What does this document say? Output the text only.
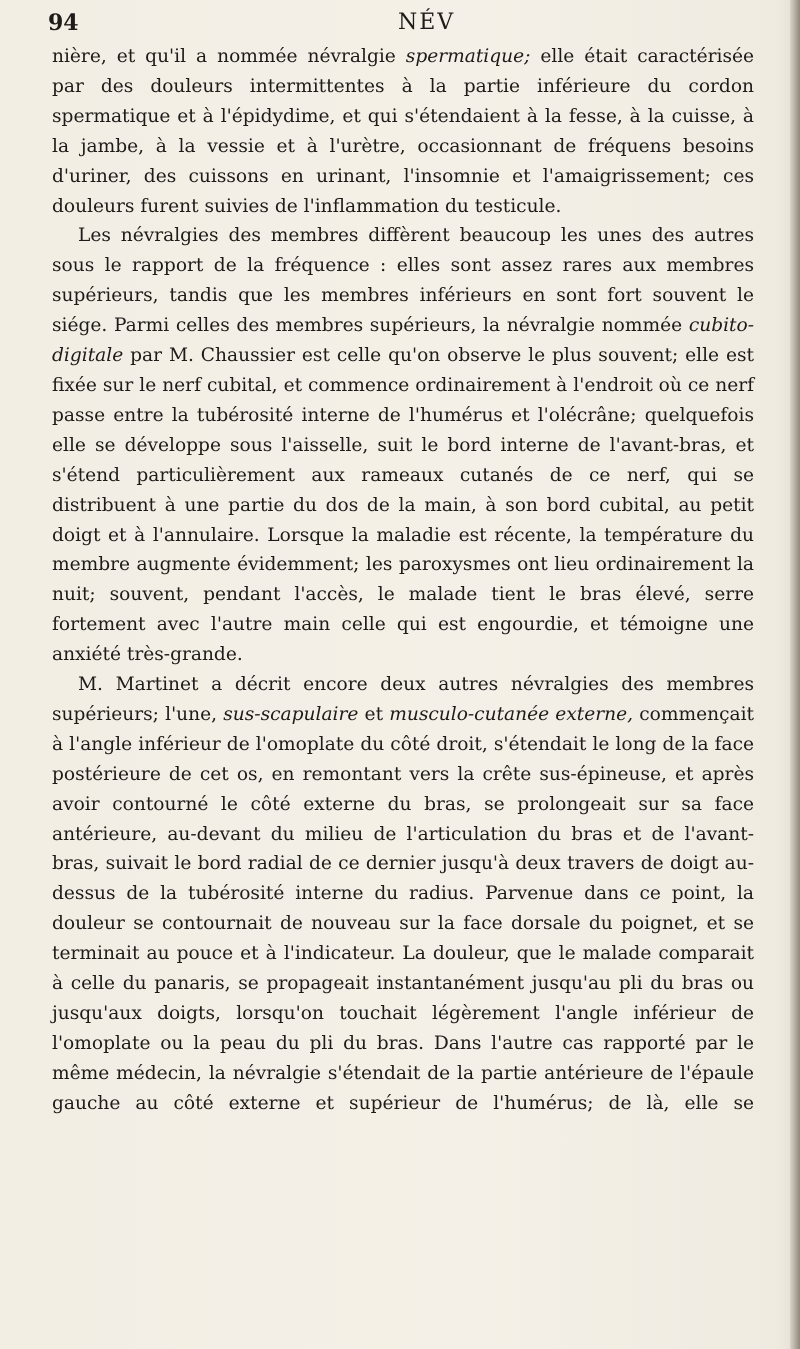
94	NÉV

nière, et qu'il a nommée névralgie spermatique; elle était caractérisée par des douleurs intermittentes à la partie inférieure du cordon spermatique et à l'épidydime, et qui s'étendaient à la fesse, à la cuisse, à la jambe, à la vessie et à l'urètre, occasionnant de fréquens besoins d'uriner, des cuissons en urinant, l'insomnie et l'amaigrissement; ces douleurs furent suivies de l'inflammation du testicule.

Les névralgies des membres diffèrent beaucoup les unes des autres sous le rapport de la fréquence : elles sont assez rares aux membres supérieurs, tandis que les membres inférieurs en sont fort souvent le siége. Parmi celles des membres supérieurs, la névralgie nommée cubito-digitale par M. Chaussier est celle qu'on observe le plus souvent; elle est fixée sur le nerf cubital, et commence ordinairement à l'endroit où ce nerf passe entre la tubérosité interne de l'humérus et l'olécrâne; quelquefois elle se développe sous l'aisselle, suit le bord interne de l'avant-bras, et s'étend particulièrement aux rameaux cutanés de ce nerf, qui se distribuent à une partie du dos de la main, à son bord cubital, au petit doigt et à l'annulaire. Lorsque la maladie est récente, la température du membre augmente évidemment; les paroxysmes ont lieu ordinairement la nuit; souvent, pendant l'accès, le malade tient le bras élevé, serre fortement avec l'autre main celle qui est engourdie, et témoigne une anxiété très-grande.

M. Martinet a décrit encore deux autres névralgies des membres supérieurs; l'une, sus-scapulaire et musculo-cutanée externe, commençait à l'angle inférieur de l'omoplate du côté droit, s'étendait le long de la face postérieure de cet os, en remontant vers la crête sus-épineuse, et après avoir contourné le côté externe du bras, se prolongeait sur sa face antérieure, au-devant du milieu de l'articulation du bras et de l'avant-bras, suivait le bord radial de ce dernier jusqu'à deux travers de doigt au-dessus de la tubérosité interne du radius. Parvenue dans ce point, la douleur se contournait de nouveau sur la face dorsale du poignet, et se terminait au pouce et à l'indicateur. La douleur, que le malade comparait à celle du panaris, se propageait instantanément jusqu'au pli du bras ou jusqu'aux doigts, lorsqu'on touchait légèrement l'angle inférieur de l'omoplate ou la peau du pli du bras. Dans l'autre cas rapporté par le même médecin, la névralgie s'étendait de la partie antérieure de l'épaule gauche au côté externe et supérieur de l'humérus; de là, elle se
